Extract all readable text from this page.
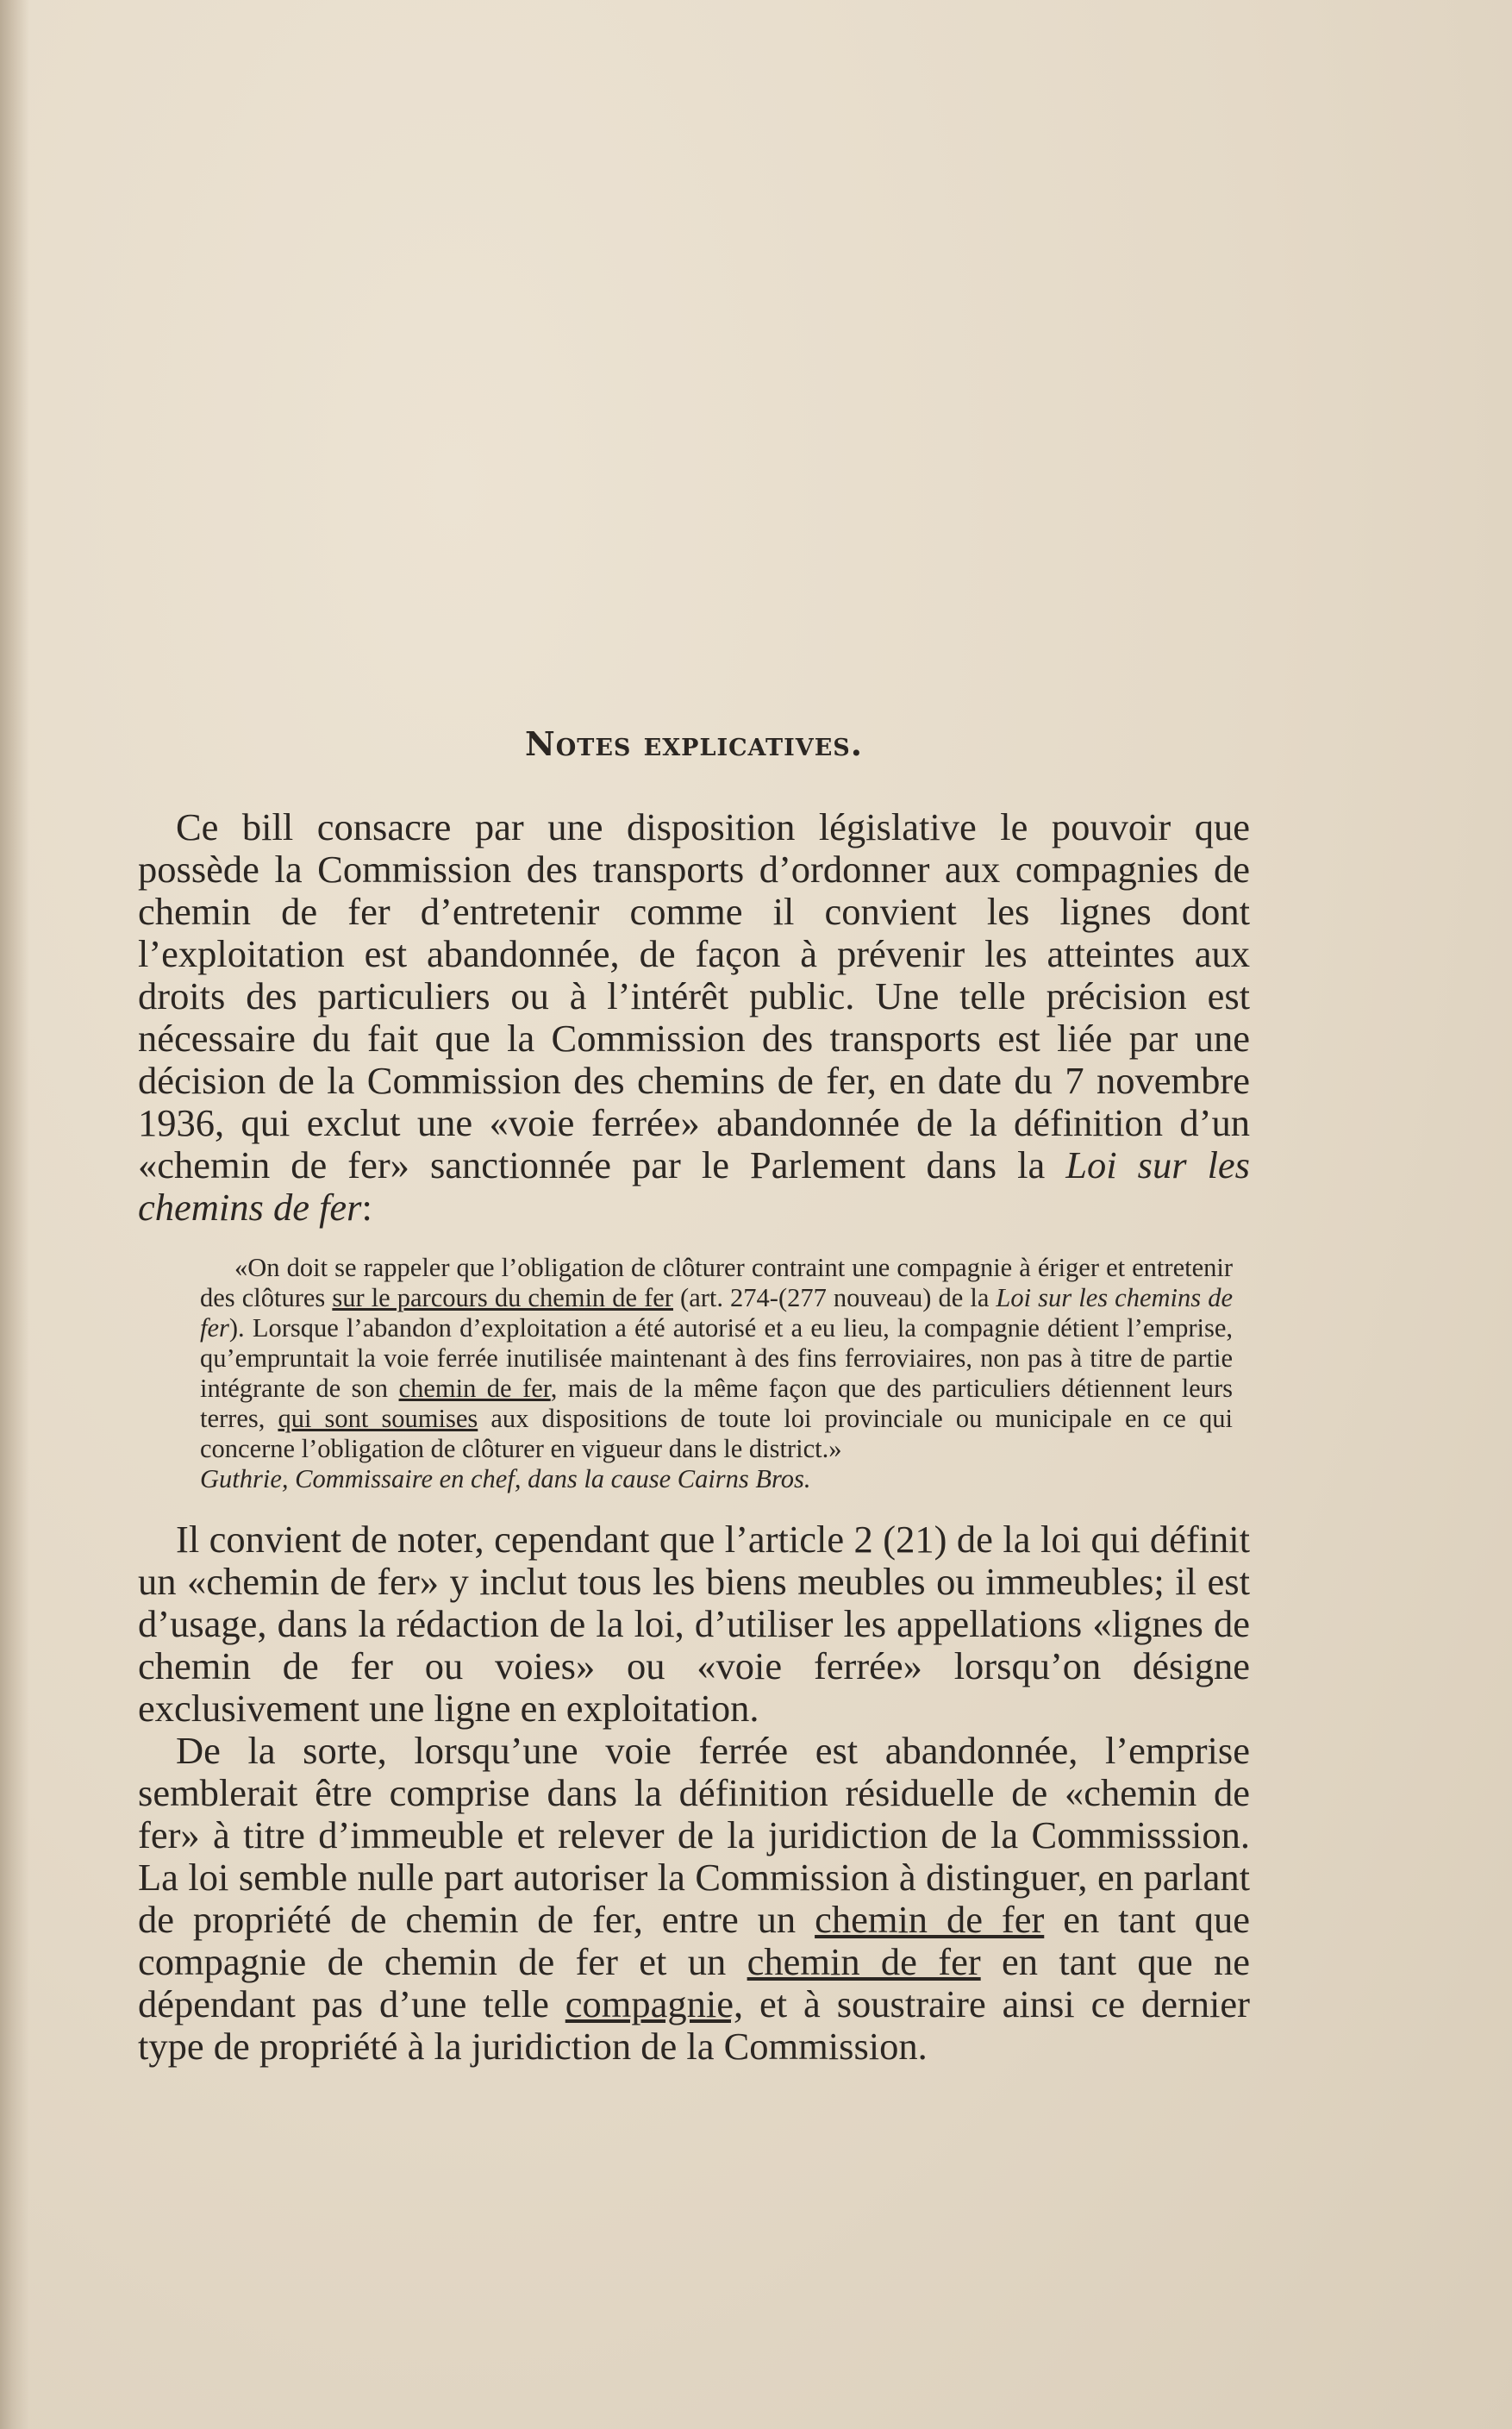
Notes explicatives.

Ce bill consacre par une disposition législative le pouvoir que possède la Commission des transports d’ordonner aux compagnies de chemin de fer d’entretenir comme il convient les lignes dont l’exploitation est abandonnée, de façon à prévenir les atteintes aux droits des particuliers ou à l’intérêt public. Une telle précision est nécessaire du fait que la Commission des transports est liée par une décision de la Commission des chemins de fer, en date du 7 novembre 1936, qui exclut une «voie ferrée» abandonnée de la définition d’un «chemin de fer» sanctionnée par le Parlement dans la Loi sur les chemins de fer:

«On doit se rappeler que l’obligation de clôturer contraint une compagnie à ériger et entretenir des clôtures sur le parcours du chemin de fer (art. 274-(277 nouveau) de la Loi sur les chemins de fer). Lorsque l’abandon d’exploitation a été autorisé et a eu lieu, la compagnie détient l’emprise, qu’empruntait la voie ferrée inutilisée maintenant à des fins ferroviaires, non pas à titre de partie intégrante de son chemin de fer, mais de la même façon que des particuliers détiennent leurs terres, qui sont soumises aux dispositions de toute loi provinciale ou municipale en ce qui concerne l’obligation de clôturer en vigueur dans le district.»
Guthrie, Commissaire en chef, dans la cause Cairns Bros.

Il convient de noter, cependant que l’article 2 (21) de la loi qui définit un «chemin de fer» y inclut tous les biens meubles ou immeubles; il est d’usage, dans la rédaction de la loi, d’utiliser les appellations «lignes de chemin de fer ou voies» ou «voie ferrée» lorsqu’on désigne exclusivement une ligne en exploitation.

De la sorte, lorsqu’une voie ferrée est abandonnée, l’emprise semblerait être comprise dans la définition résiduelle de «chemin de fer» à titre d’immeuble et relever de la juridiction de la Commisssion. La loi semble nulle part autoriser la Commission à distinguer, en parlant de propriété de chemin de fer, entre un chemin de fer en tant que compagnie de chemin de fer et un chemin de fer en tant que ne dépendant pas d’une telle compagnie, et à soustraire ainsi ce dernier type de propriété à la juridiction de la Commission.
